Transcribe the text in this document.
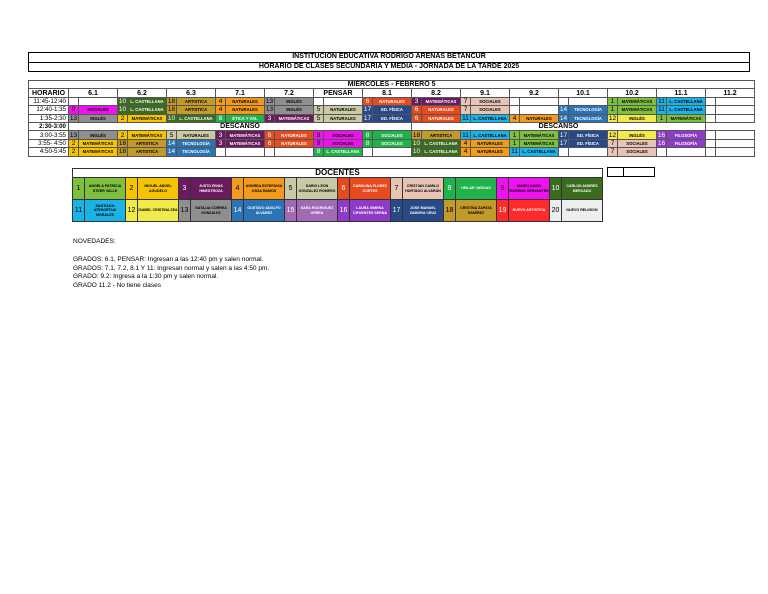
INSTITUCION EDUCATIVA RODRIGO ARENAS BETANCUR
HORARIO DE CLASES SECUNDARIA Y MEDIA - JORNADA DE LA TARDE 2025
MIERCOLES - FEBRERO 5																												
HORARIO	6.1		6.2		6.3		7.1		7.2		PENSAR		8.1		8.2		9.1		9.2		10.1		10.2		11.1		11.2	
11:45-12:40			10	L. CASTELLANA	18	ARTISTICA	4	NATURALES	13	INGLÉS			6	NATURALES	3	MATEMÁTICAS	7	SOCIALES					1	MATEMÁTICAS	11	L. CASTELLANA		
12:40-1:35	9	SOCIALES	10	L. CASTELLANA	18	ARTISTICA	4	NATURALES	13	INGLÉS	5	NATURALES	17	ED. FÍSICA	6	NATURALES	7	SOCIALES			14	TECNOLOGÍA	1	MATEMÁTICAS	11	L. CASTELLANA		
1:35-2:30	13	INGLÉS	2	MATEMÁTICAS	10	L. CASTELLANA	8	ÉTICA Y VAL	3	MATEMÁTICAS	5	NATURALES	17	ED. FÍSICA	6	NATURALES	11	L. CASTELLANA	4	NATURALES	14	TECNOLOGÍA	12	INGLÉS	1	MATEMÁTICAS		
2:30-3:00	DESCANSO														DESCANSO													
3:00-3:55	13	INGLÉS	2	MATEMÁTICAS	5	NATURALES	3	MATEMÁTICAS	6	NATURALES	9	SOCIALES	8	SOCIALES	18	ARTISTICA	11	L. CASTELLANA	1	MATEMÁTICAS	17	ED. FÍSICA	12	INGLÉS	16	FILOSOFÍA		
3:55- 4:50	2	MATEMÁTICAS	18	ARTISTICA	14	TECNOLOGÍA	3	MATEMÁTICAS	6	NATURALES	9	SOCIALES	8	SOCIALES	10	L. CASTELLANA	4	NATURALES	1	MATEMÁTICAS	17	ED. FÍSICA	7	SOCIALES	16	FILOSOFÍA		
4:50-5:45	2	MATEMÁTICAS	18	ARTISTICA	14	TECNOLOGÍA					8	L. CASTELLANA			10	L. CASTELLANA	4	NATURALES	11	L. CASTELLANA			7	SOCIALES				
DOCENTES																			
1	ANGELA PATRICIA STEER VALLE	2	MIGUEL ANGEL AGUDELO	3	JUSTO RIVAS HINESTROZA	4	ANDREA ESTEFANIA OSSA RAMOS	5	DARIO LEON GONZALEZ ROMERO	6	CAROLINA FLOREZ CORTES	7	CRISTIAN CAMILO HURTADO ALVARÁN	8	HEILAR VARGAS	9	MARIO DAVID MORENO CERVANTES	10	CARLOS ANDRÉS MERCADO
11	SANTIAGO ATEHORTUA MORALES	12	ISABEL CRISTINA ZEA	13	NATALIA CORREA GONZALEZ	14	GUSTAVO ADOLFO ÁLVAREZ	15	SARA RODRIGUEZ URREA	16	LAURA XIMENA CIFUENTES SERNA	17	JOSE MANUEL ZAMORA CRUZ	18	CRISTINA ZAPATA RAMÍREZ	19	NUEVO ARTISTICA	20	NUEVO RELIGION

NOVEDADES:
GRADOS: 6.1, PENSAR: Ingresan a las 12:40 pm y salen normal.
GRADOS: 7.1, 7.2, 8.1 Y 11: Ingresan normal y salen a las 4:50 pm.
GRADO: 9.2: Ingresa a la 1:30 pm y salen normal.
GRADO 11.2 - No tiene clases
